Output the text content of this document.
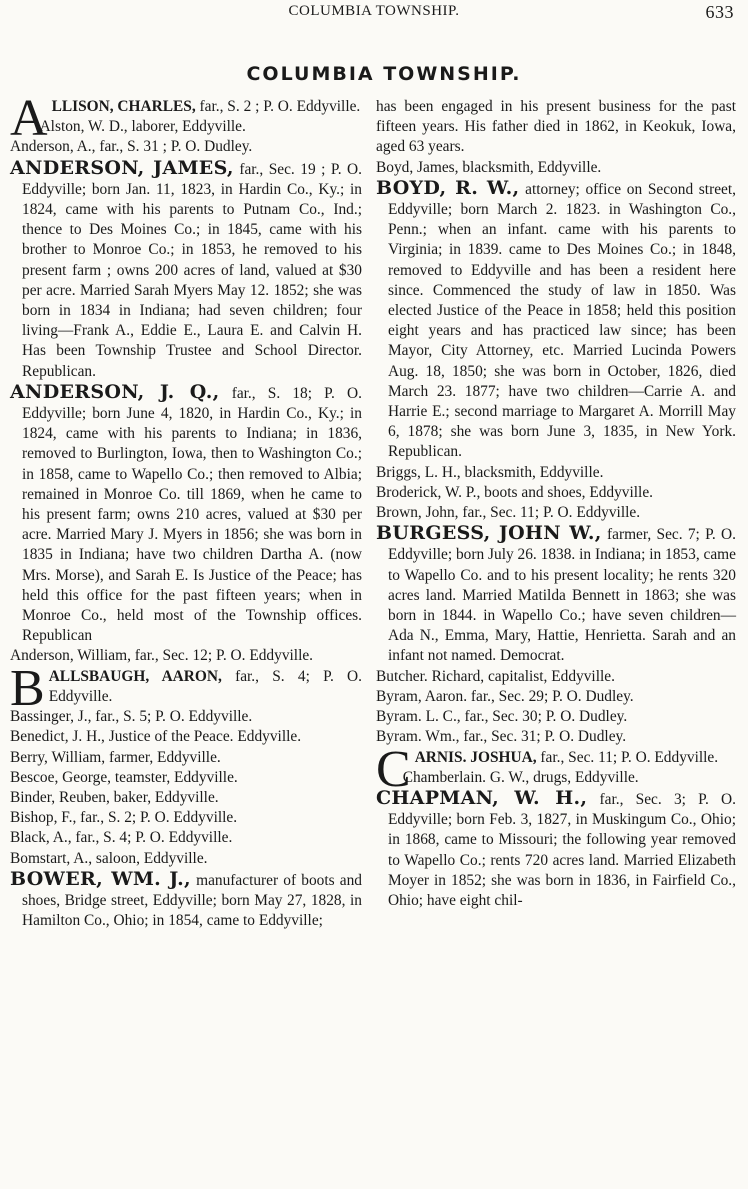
COLUMBIA TOWNSHIP.	633
COLUMBIA TOWNSHIP.

ALLISON, CHARLES, far., S. 2 ; P. O. Eddyville.

Alston, W. D., laborer, Eddyville.

Anderson, A., far., S. 31 ; P. O. Dudley.

ANDERSON, JAMES, far., Sec. 19 ; P. O. Eddyville; born Jan. 11, 1823, in Hardin Co., Ky.; in 1824, came with his parents to Putnam Co., Ind.; thence to Des Moines Co.; in 1845, came with his brother to Monroe Co.; in 1853, he removed to his present farm ; owns 200 acres of land, valued at $30 per acre. Married Sarah Myers May 12. 1852; she was born in 1834 in Indiana; had seven children; four living—Frank A., Eddie E., Laura E. and Calvin H. Has been Township Trustee and School Director. Republican.

ANDERSON, J. Q., far., S. 18; P. O. Eddyville; born June 4, 1820, in Hardin Co., Ky.; in 1824, came with his parents to Indiana; in 1836, removed to Burlington, Iowa, then to Washington Co.; in 1858, came to Wapello Co.; then removed to Albia; remained in Monroe Co. till 1869, when he came to his present farm; owns 210 acres, valued at $30 per acre. Married Mary J. Myers in 1856; she was born in 1835 in Indiana; have two children Dartha A. (now Mrs. Morse), and Sarah E. Is Justice of the Peace; has held this office for the past fifteen years; when in Monroe Co., held most of the Township offices. Republican

Anderson, William, far., Sec. 12; P. O. Eddyville.

BALLSBAUGH, AARON, far., S. 4; P. O. Eddyville.

Bassinger, J., far., S. 5; P. O. Eddyville.

Benedict, J. H., Justice of the Peace. Eddyville.

Berry, William, farmer, Eddyville.

Bescoe, George, teamster, Eddyville.

Binder, Reuben, baker, Eddyville.

Bishop, F., far., S. 2; P. O. Eddyville.

Black, A., far., S. 4; P. O. Eddyville.

Bomstart, A., saloon, Eddyville.

BOWER, WM. J., manufacturer of boots and shoes, Bridge street, Eddyville; born May 27, 1828, in Hamilton Co., Ohio; in 1854, came to Eddyville;

has been engaged in his present business for the past fifteen years. His father died in 1862, in Keokuk, Iowa, aged 63 years.

Boyd, James, blacksmith, Eddyville.

BOYD, R. W., attorney; office on Second street, Eddyville; born March 2. 1823. in Washington Co., Penn.; when an infant. came with his parents to Virginia; in 1839. came to Des Moines Co.; in 1848, removed to Eddyville and has been a resident here since. Commenced the study of law in 1850. Was elected Justice of the Peace in 1858; held this position eight years and has practiced law since; has been Mayor, City Attorney, etc. Married Lucinda Powers Aug. 18, 1850; she was born in October, 1826, died March 23. 1877; have two children—Carrie A. and Harrie E.; second marriage to Margaret A. Morrill May 6, 1878; she was born June 3, 1835, in New York. Republican.

Briggs, L. H., blacksmith, Eddyville.

Broderick, W. P., boots and shoes, Eddyville.

Brown, John, far., Sec. 11; P. O. Eddyville.

BURGESS, JOHN W., farmer, Sec. 7; P. O. Eddyville; born July 26. 1838. in Indiana; in 1853, came to Wapello Co. and to his present locality; he rents 320 acres land. Married Matilda Bennett in 1863; she was born in 1844. in Wapello Co.; have seven children—Ada N., Emma, Mary, Hattie, Henrietta. Sarah and an infant not named. Democrat.

Butcher. Richard, capitalist, Eddyville.

Byram, Aaron. far., Sec. 29; P. O. Dudley.

Byram. L. C., far., Sec. 30; P. O. Dudley.

Byram. Wm., far., Sec. 31; P. O. Dudley.

CARNIS. JOSHUA, far., Sec. 11; P. O. Eddyville.

Chamberlain. G. W., drugs, Eddyville.

CHAPMAN, W. H., far., Sec. 3; P. O. Eddyville; born Feb. 3, 1827, in Muskingum Co., Ohio; in 1868, came to Missouri; the following year removed to Wapello Co.; rents 720 acres land. Married Elizabeth Moyer in 1852; she was born in 1836, in Fairfield Co., Ohio; have eight chil-
